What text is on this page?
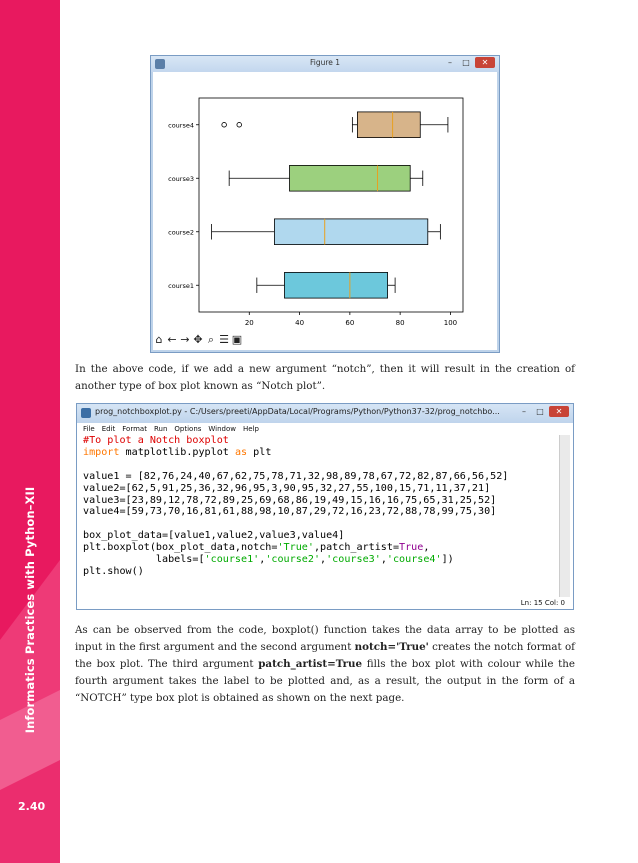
Informatics Practices with Python–XII
2.40
Figure 1	–	□	✕
20	40	60	80	100
course1
course2
course3
course4
⌂ ← → ✥ ⌕ ☰ ▣
In the above code, if we add a new argument “notch”, then it will result in the creation of another type of box plot known as “Notch plot”.
prog_notchboxplot.py - C:/Users/preeti/AppData/Local/Programs/Python/Python37-32/prog_notchbo...	–	□	✕
File Edit Format Run Options Window Help
#To plot a Notch boxplot
import matplotlib.pyplot as plt

value1 = [82,76,24,40,67,62,75,78,71,32,98,89,78,67,72,82,87,66,56,52]
value2=[62,5,91,25,36,32,96,95,3,90,95,32,27,55,100,15,71,11,37,21]
value3=[23,89,12,78,72,89,25,69,68,86,19,49,15,16,16,75,65,31,25,52]
value4=[59,73,70,16,81,61,88,98,10,87,29,72,16,23,72,88,78,99,75,30]

box_plot_data=[value1,value2,value3,value4]
plt.boxplot(box_plot_data,notch='True',patch_artist=True,
labels=['course1','course2','course3','course4'])
plt.show()
Ln: 15 Col: 0
As can be observed from the code, boxplot() function takes the data array to be plotted as input in the first argument and the second argument notch='True' creates the notch format of the box plot. The third argument patch_artist=True fills the box plot with colour while the fourth argument takes the label to be plotted and, as a result, the output in the form of a “NOTCH” type box plot is obtained as shown on the next page.
